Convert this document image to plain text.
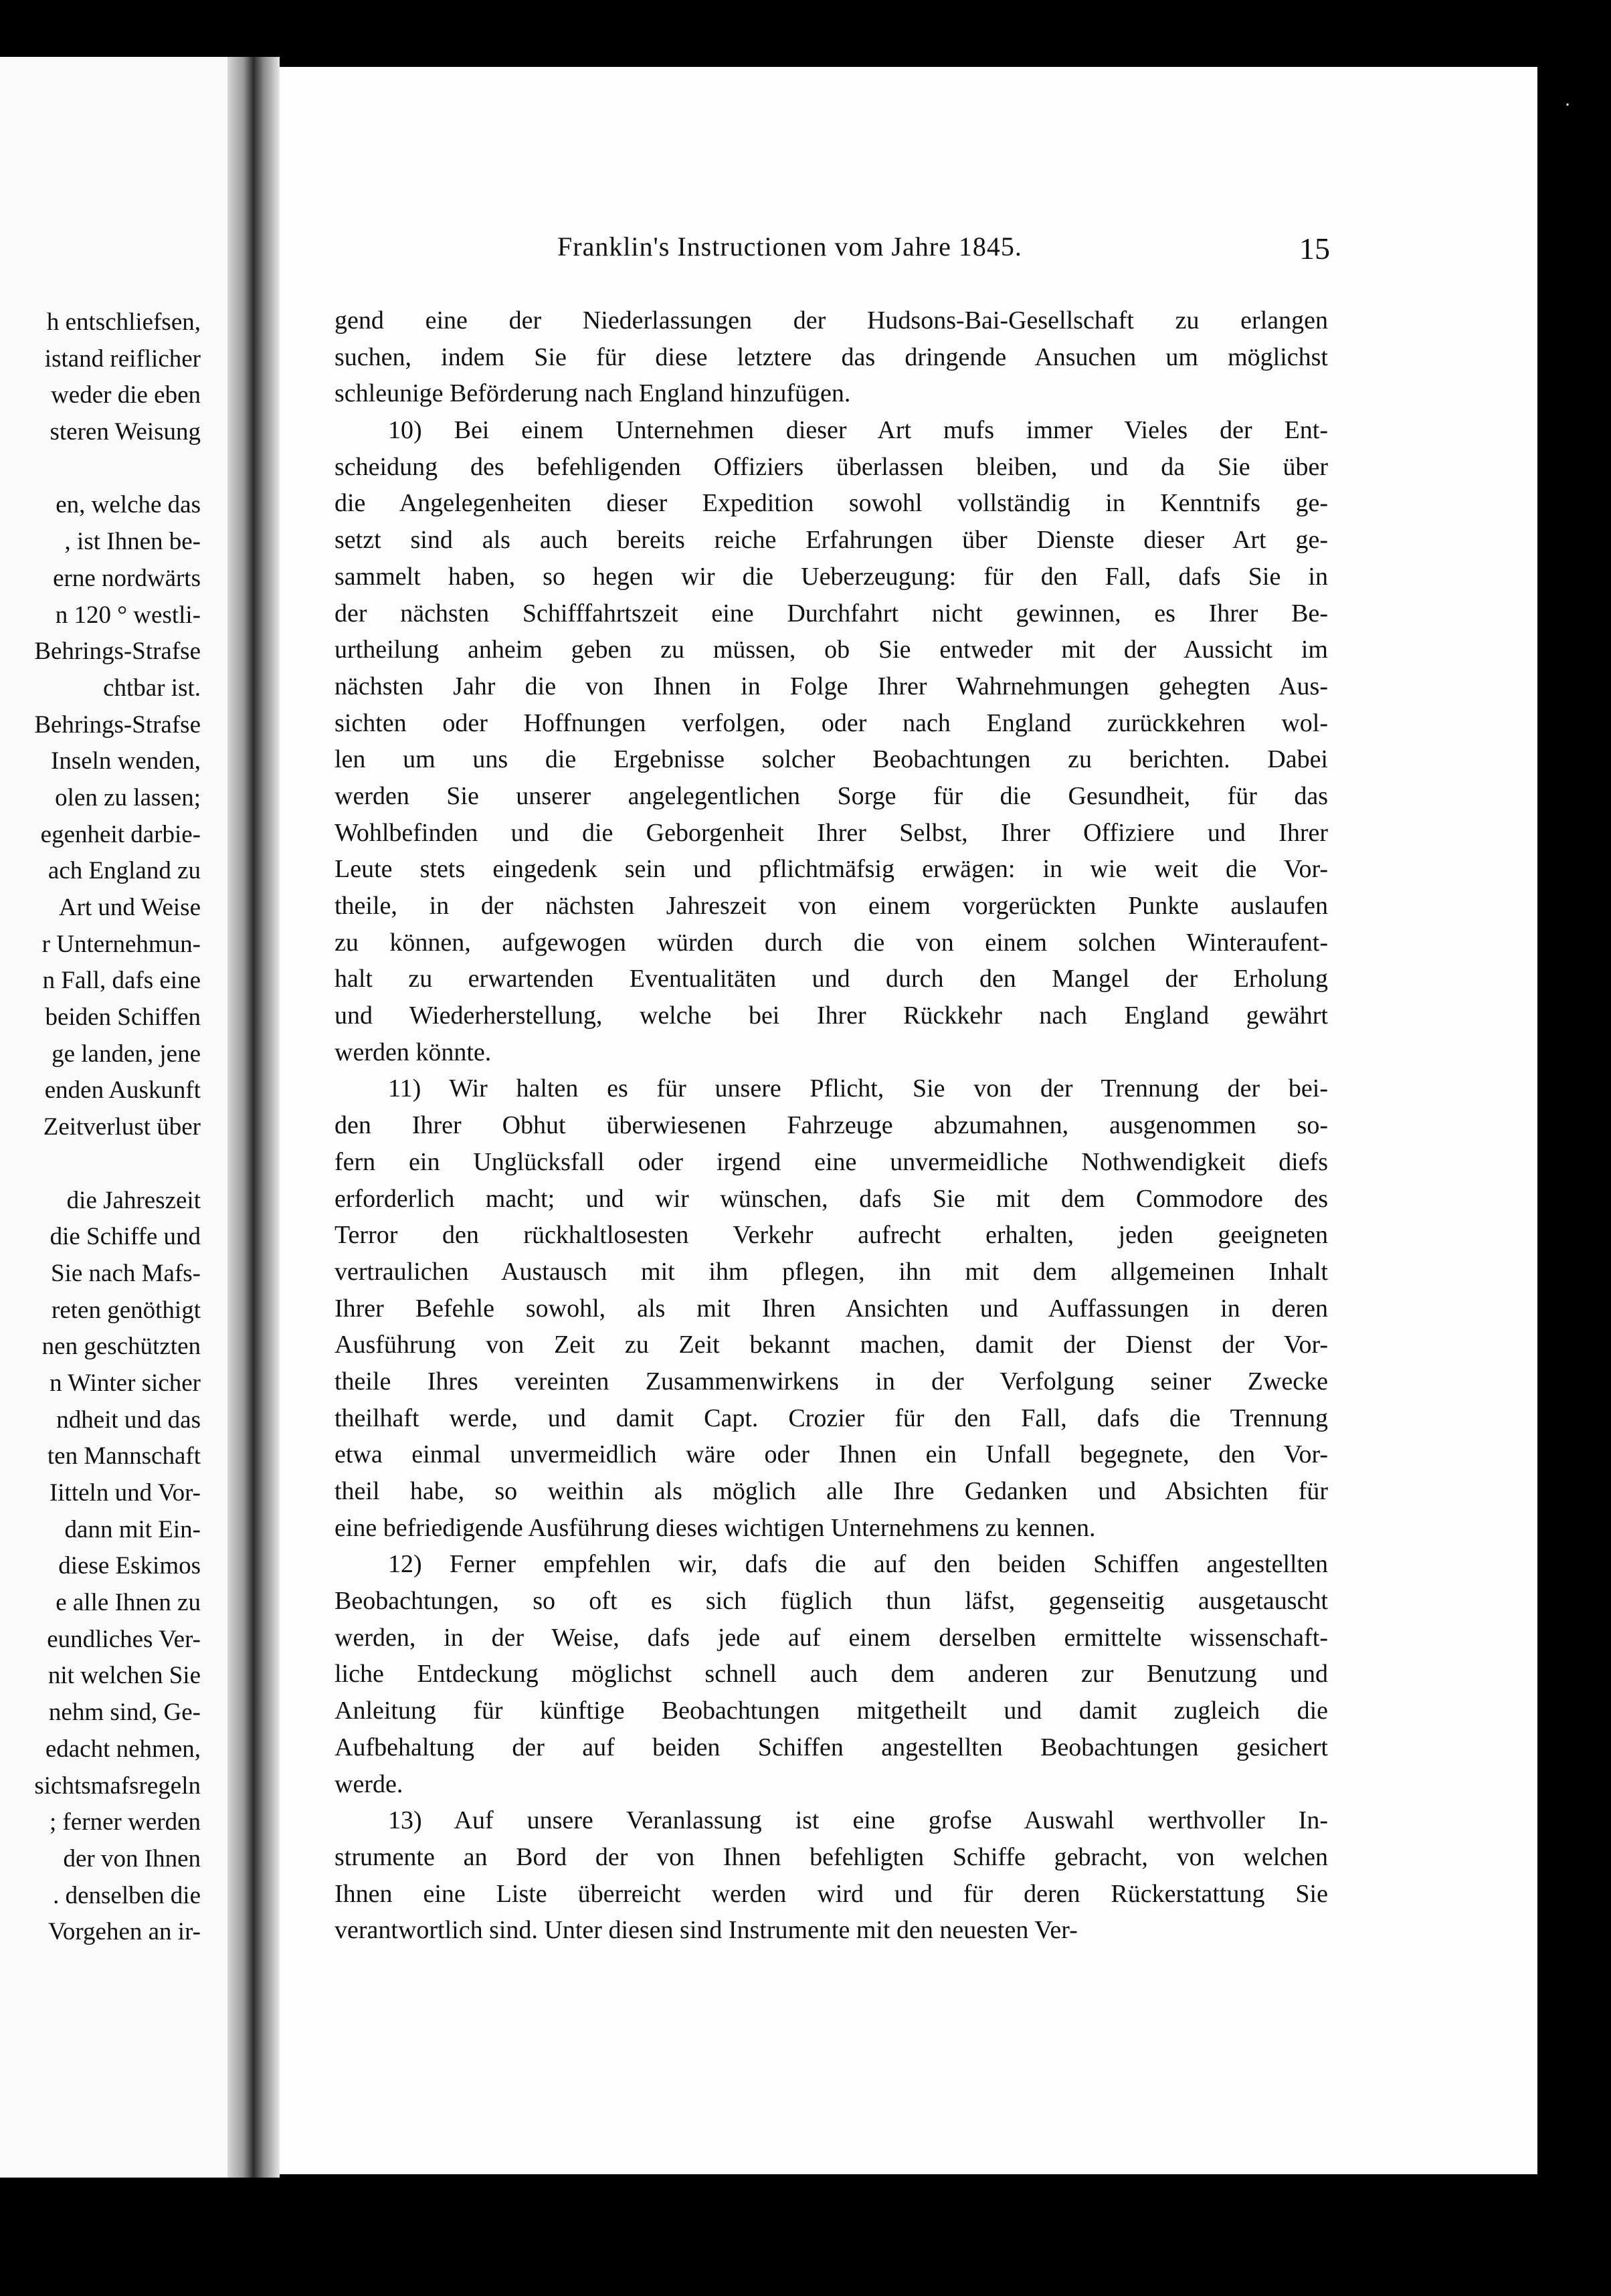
h entschliefsen,
istand reiflicher
weder die eben
steren Weisung
en, welche das
, ist Ihnen be-
erne nordwärts
n 120 ° westli-
Behrings-Strafse
chtbar ist.
Behrings-Strafse
Inseln wenden,
olen zu lassen;
egenheit darbie-
ach England zu
Art und Weise
r Unternehmun-
n Fall, dafs eine
beiden Schiffen
ge landen, jene
enden Auskunft
Zeitverlust über
die Jahreszeit
die Schiffe und
Sie nach Mafs-
reten genöthigt
nen geschützten
n Winter sicher
ndheit und das
ten Mannschaft
Iitteln und Vor-
dann mit Ein-
diese Eskimos
e alle Ihnen zu
eundliches Ver-
nit welchen Sie
nehm sind, Ge-
edacht nehmen,
sichtsmafsregeln
; ferner werden
der von Ihnen
. denselben die
Vorgehen an ir-
·
Franklin's Instructionen vom Jahre 1845.	15
gend eine der Niederlassungen der Hudsons-Bai-Gesellschaft zu erlangen
suchen, indem Sie für diese letztere das dringende Ansuchen um möglichst
schleunige Beförderung nach England hinzufügen.
10) Bei einem Unternehmen dieser Art mufs immer Vieles der Ent-
scheidung des befehligenden Offiziers überlassen bleiben, und da Sie über
die Angelegenheiten dieser Expedition sowohl vollständig in Kenntnifs ge-
setzt sind als auch bereits reiche Erfahrungen über Dienste dieser Art ge-
sammelt haben, so hegen wir die Ueberzeugung: für den Fall, dafs Sie in
der nächsten Schifffahrtszeit eine Durchfahrt nicht gewinnen, es Ihrer Be-
urtheilung anheim geben zu müssen, ob Sie entweder mit der Aussicht im
nächsten Jahr die von Ihnen in Folge Ihrer Wahrnehmungen gehegten Aus-
sichten oder Hoffnungen verfolgen, oder nach England zurückkehren wol-
len um uns die Ergebnisse solcher Beobachtungen zu berichten. Dabei
werden Sie unserer angelegentlichen Sorge für die Gesundheit, für das
Wohlbefinden und die Geborgenheit Ihrer Selbst, Ihrer Offiziere und Ihrer
Leute stets eingedenk sein und pflichtmäfsig erwägen: in wie weit die Vor-
theile, in der nächsten Jahreszeit von einem vorgerückten Punkte auslaufen
zu können, aufgewogen würden durch die von einem solchen Winteraufent-
halt zu erwartenden Eventualitäten und durch den Mangel der Erholung
und Wiederherstellung, welche bei Ihrer Rückkehr nach England gewährt
werden könnte.
11) Wir halten es für unsere Pflicht, Sie von der Trennung der bei-
den Ihrer Obhut überwiesenen Fahrzeuge abzumahnen, ausgenommen so-
fern ein Unglücksfall oder irgend eine unvermeidliche Nothwendigkeit diefs
erforderlich macht; und wir wünschen, dafs Sie mit dem Commodore des
Terror den rückhaltlosesten Verkehr aufrecht erhalten, jeden geeigneten
vertraulichen Austausch mit ihm pflegen, ihn mit dem allgemeinen Inhalt
Ihrer Befehle sowohl, als mit Ihren Ansichten und Auffassungen in deren
Ausführung von Zeit zu Zeit bekannt machen, damit der Dienst der Vor-
theile Ihres vereinten Zusammenwirkens in der Verfolgung seiner Zwecke
theilhaft werde, und damit Capt. Crozier für den Fall, dafs die Trennung
etwa einmal unvermeidlich wäre oder Ihnen ein Unfall begegnete, den Vor-
theil habe, so weithin als möglich alle Ihre Gedanken und Absichten für
eine befriedigende Ausführung dieses wichtigen Unternehmens zu kennen.
12) Ferner empfehlen wir, dafs die auf den beiden Schiffen angestellten
Beobachtungen, so oft es sich füglich thun läfst, gegenseitig ausgetauscht
werden, in der Weise, dafs jede auf einem derselben ermittelte wissenschaft-
liche Entdeckung möglichst schnell auch dem anderen zur Benutzung und
Anleitung für künftige Beobachtungen mitgetheilt und damit zugleich die
Aufbehaltung der auf beiden Schiffen angestellten Beobachtungen gesichert
werde.
13) Auf unsere Veranlassung ist eine grofse Auswahl werthvoller In-
strumente an Bord der von Ihnen befehligten Schiffe gebracht, von welchen
Ihnen eine Liste überreicht werden wird und für deren Rückerstattung Sie
verantwortlich sind. Unter diesen sind Instrumente mit den neuesten Ver-
